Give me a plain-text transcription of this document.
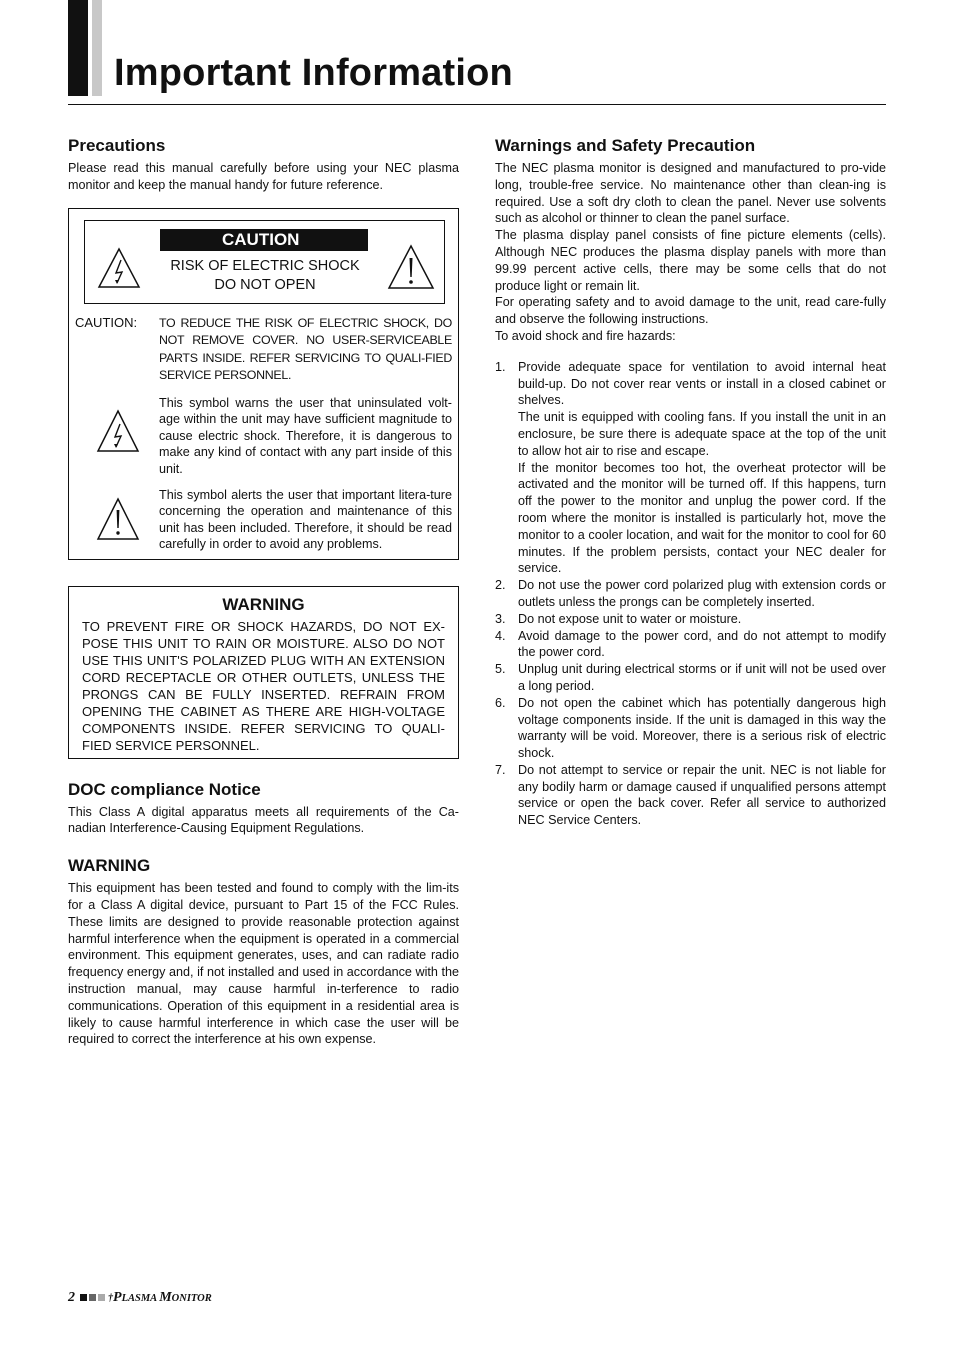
Important Information
Precautions

Please read this manual carefully before using your NEC plasma monitor and keep the manual handy for future reference.

CAUTION
RISK OF ELECTRIC SHOCK
DO NOT OPEN
CAUTION: TO REDUCE THE RISK OF ELECTRIC SHOCK, DO NOT REMOVE COVER. NO USER-SERVICEABLE PARTS INSIDE. REFER SERVICING TO QUALI-FIED SERVICE PERSONNEL.
This symbol warns the user that uninsulated volt-age within the unit may have sufficient magnitude to cause electric shock. Therefore, it is dangerous to make any kind of contact with any part inside of this unit.
This symbol alerts the user that important litera-ture concerning the operation and maintenance of this unit has been included. Therefore, it should be read carefully in order to avoid any problems.
WARNING
TO PREVENT FIRE OR SHOCK HAZARDS, DO NOT EX-POSE THIS UNIT TO RAIN OR MOISTURE. ALSO DO NOT USE THIS UNIT'S POLARIZED PLUG WITH AN EXTENSION CORD RECEPTACLE OR OTHER OUTLETS, UNLESS THE PRONGS CAN BE FULLY INSERTED. REFRAIN FROM OPENING THE CABINET AS THERE ARE HIGH-VOLTAGE COMPONENTS INSIDE. REFER SERVICING TO QUALI-FIED SERVICE PERSONNEL.
DOC compliance Notice

This Class A digital apparatus meets all requirements of the Ca-nadian Interference-Causing Equipment Regulations.

WARNING

This equipment has been tested and found to comply with the lim-its for a Class A digital device, pursuant to Part 15 of the FCC Rules. These limits are designed to provide reasonable protection against harmful interference when the equipment is operated in a commercial environment. This equipment generates, uses, and can radiate radio frequency energy and, if not installed and used in accordance with the instruction manual, may cause harmful in-terference to radio communications. Operation of this equipment in a residential area is likely to cause harmful interference in which case the user will be required to correct the interference at his own expense.

Warnings and Safety Precaution

The NEC plasma monitor is designed and manufactured to pro-vide long, trouble-free service. No maintenance other than clean-ing is required. Use a soft dry cloth to clean the panel. Never use solvents such as alcohol or thinner to clean the panel surface.

The plasma display panel consists of fine picture elements (cells). Although NEC produces the plasma display panels with more than 99.99 percent active cells, there may be some cells that do not produce light or remain lit.

For operating safety and to avoid damage to the unit, read care-fully and observe the following instructions.

To avoid shock and fire hazards:

1. Provide adequate space for ventilation to avoid internal heat build-up. Do not cover rear vents or install in a closed cabinet or shelves.
The unit is equipped with cooling fans. If you install the unit in an enclosure, be sure there is adequate space at the top of the unit to allow hot air to rise and escape.
If the monitor becomes too hot, the overheat protector will be activated and the monitor will be turned off. If this happens, turn off the power to the monitor and unplug the power cord. If the room where the monitor is installed is particularly hot, move the monitor to a cooler location, and wait for the monitor to cool for 60 minutes. If the problem persists, contact your NEC dealer for service.
2. Do not use the power cord polarized plug with extension cords or outlets unless the prongs can be completely inserted.
3. Do not expose unit to water or moisture.
4. Avoid damage to the power cord, and do not attempt to modify the power cord.
5. Unplug unit during electrical storms or if unit will not be used over a long period.
6. Do not open the cabinet which has potentially dangerous high voltage components inside. If the unit is damaged in this way the warranty will be void. Moreover, there is a serious risk of electric shock.
7. Do not attempt to service or repair the unit. NEC is not liable for any bodily harm or damage caused if unqualified persons attempt service or open the back cover. Refer all service to authorized NEC Service Centers.
2	†PLASMA MONITOR
